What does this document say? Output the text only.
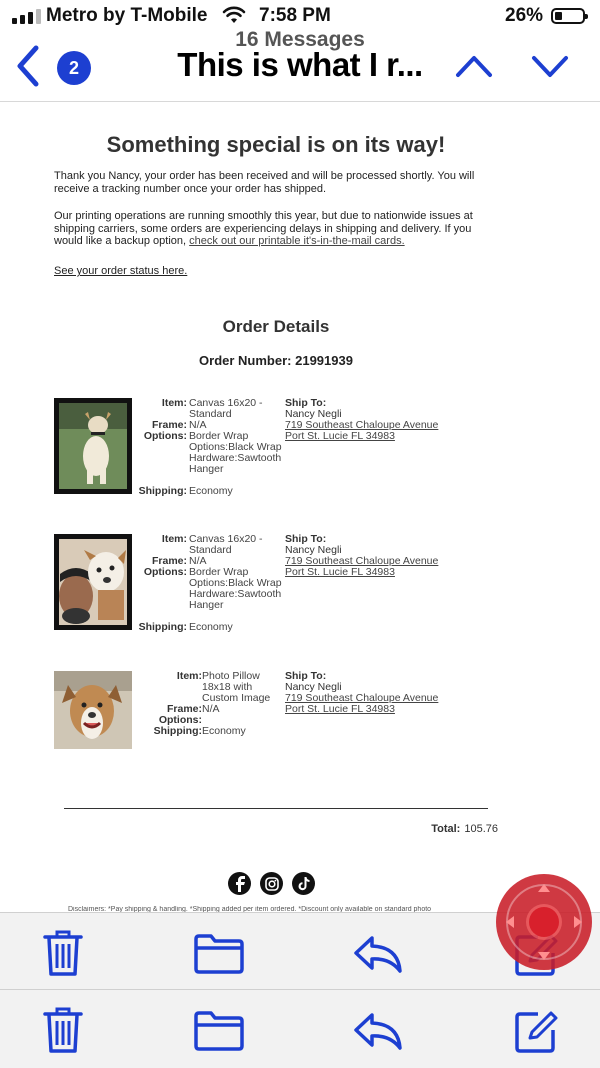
Metro by T-Mobile	7:58 PM	26%
16 Messages
This is what I r...
2
Something special is on its way!
Thank you Nancy, your order has been received and will be processed shortly. You will receive a tracking number once your order has shipped.
Our printing operations are running smoothly this year, but due to nationwide issues at shipping carriers, some orders are experiencing delays in shipping and delivery. If you would like a backup option, check out our printable it's-in-the-mail cards.
See your order status here.
Order Details
Order Number: 21991939
Item: Canvas 16x20 - Standard
Frame: N/A
Options: Border Wrap Options:Black Wrap Hardware:Sawtooth Hanger
Shipping: Economy
Ship To:
Nancy Negli
719 Southeast Chaloupe Avenue
Port St. Lucie FL 34983
Item: Canvas 16x20 - Standard
Frame: N/A
Options: Border Wrap Options:Black Wrap Hardware:Sawtooth Hanger
Shipping: Economy
Ship To:
Nancy Negli
719 Southeast Chaloupe Avenue
Port St. Lucie FL 34983
Item: Photo Pillow 18x18 with Custom Image
Frame: N/A
Options:
Shipping: Economy
Ship To:
Nancy Negli
719 Southeast Chaloupe Avenue
Port St. Lucie FL 34983
Total: 105.76
Disclaimers: *Pay shipping & handling. *Shipping added per item ordered. *Discount only available on standard photo
